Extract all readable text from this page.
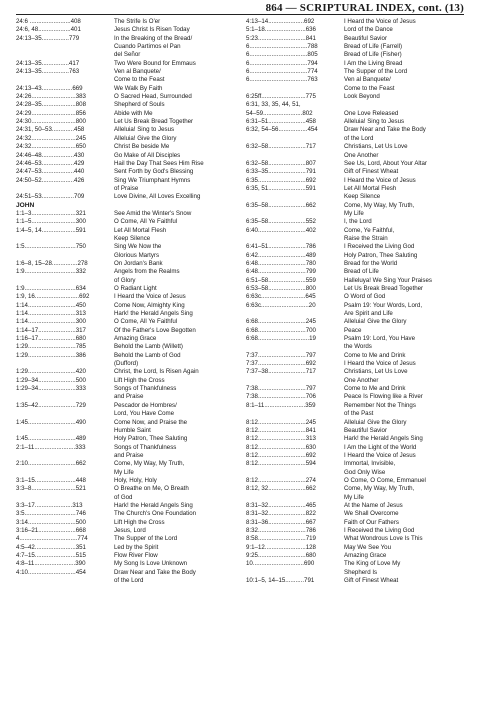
864 — SCRIPTURAL INDEX, cont. (13)
24:6 ........................408	The Strife Is O'er
24:6, 48...................401	Jesus Christ Is Risen Today
24:13–35................779	In the Breaking of the Bread/
Cuando Partimos el Pan
del Señor
24:13–35................417	Two Were Bound for Emmaus
24:13–35................763	Ven al Banquete/
Come to the Feast
24:13–43..................669	We Walk By Faith
24:26..........................383	O Sacred Head, Surrounded
24:28–35....................808	Shepherd of Souls
24:29..........................856	Abide with Me
24:30..........................800	Let Us Break Bread Together
24:31, 50–53.............458	Alleluia! Sing to Jesus
24:32..........................245	Alleluia! Give the Glory
24:32..........................650	Christ Be beside Me
24:46–48...................430	Go Make of All Disciples
24:46–53...................429	Hail the Day That Sees Him Rise
24:47–53...................440	Sent Forth by God's Blessing
24:50–52...................426	Sing We Triumphant Hymns
of Praise
24:51–53...................709	Love Divine, All Loves Excelling
JOHN
1:1–3..........................321	See Amid the Winter's Snow
1:1–5..........................300	O Come, All Ye Faithful
1:4–5, 14....................591	Let All Mortal Flesh
Keep Silence
1:5..............................750	Sing We Now the
Glorious Martyrs
1:6–8, 15–28...............278	On Jordan's Bank
1:9..............................332	Angels from the Realms
of Glory
1:9..............................634	O Radiant Light
1:9, 16..........................692	I Heard the Voice of Jesus
1:14............................450	Come Now, Almighty King
1:14............................313	Hark! the Herald Angels Sing
1:14............................300	O Come, All Ye Faithful
1:14–17......................317	Of the Father's Love Begotten
1:16–17......................680	Amazing Grace
1:29............................785	Behold the Lamb (Willett)
1:29............................386	Behold the Lamb of God
(Dufford)
1:29............................420	Christ, the Lord, Is Risen Again
1:29–34......................500	Lift High the Cross
1:29–34......................333	Songs of Thankfulness
and Praise
1:35–42......................729	Pescador de Hombres/
Lord, You Have Come
1:45............................490	Come Now, and Praise the
Humble Saint
1:45............................489	Holy Patron, Thee Saluting
2:1–11........................333	Songs of Thankfulness
and Praise
2:10............................662	Come, My Way, My Truth,
My Life
3:1–15........................448	Holy, Holy, Holy
3:3–8..........................521	O Breathe on Me, O Breath
of God
3:3–17......................313	Hark! the Herald Angels Sing
3:5..............................746	The Church's One Foundation
3:14............................500	Lift High the Cross
3:16–21......................668	Jesus, Lord
4..................................774	The Supper of the Lord
4:5–42........................351	Led by the Spirit
4:7–15........................515	Flow River Flow
4:8–11........................390	My Song Is Love Unknown
4:10............................454	Draw Near and Take the Body
of the Lord
4:13–14.....................692	I Heard the Voice of Jesus
5:1–18........................636	Lord of the Dance
5:23............................841	Beautiful Savior
6..................................788	Bread of Life (Farrell)
6..................................805	Bread of Life (Fisher)
6..................................794	I Am the Living Bread
6..................................774	The Supper of the Lord
6..................................763	Ven al Banquete/
Come to the Feast
6:25ff..........................775	Look Beyond
6:31, 33, 35, 44, 51,
54–59.......................802	One Love Released
6:31–51......................458	Alleluia! Sing to Jesus
6:32, 54–56.................454	Draw Near and Take the Body
of the Lord
6:32–58......................717	Christians, Let Us Love
One Another
6:32–58......................807	See Us, Lord, About Your Altar
6:33–35......................791	Gift of Finest Wheat
6:35............................692	I Heard the Voice of Jesus
6:35, 51......................591	Let All Mortal Flesh
Keep Silence
6:35–58......................662	Come, My Way, My Truth,
My Life
6:35–58......................552	I, the Lord
6:40............................402	Come, Ye Faithful,
Raise the Strain
6:41–51......................786	I Received the Living God
6:42............................489	Holy Patron, Thee Saluting
6:48............................780	Bread for the World
6:48............................799	Bread of Life
6:51–58......................559	Halleluya! We Sing Your Praises
6:53–58......................800	Let Us Break Bread Together
6:63c..........................645	O Word of God
6:63c............................20	Psalm 19: Your Words, Lord,
Are Spirit and Life
6:68............................245	Alleluia! Give the Glory
6:68............................700	Peace
6:68..............................19	Psalm 19: Lord, You Have
the Words
7:37............................797	Come to Me and Drink
7:37............................692	I Heard the Voice of Jesus
7:37–38......................717	Christians, Let Us Love
One Another
7:38............................797	Come to Me and Drink
7:38............................706	Peace Is Flowing like a River
8:1–11........................359	Remember Not the Things
of the Past
8:12............................245	Alleluia! Give the Glory
8:12............................841	Beautiful Savior
8:12............................313	Hark! the Herald Angels Sing
8:12............................630	I Am the Light of the World
8:12............................692	I Heard the Voice of Jesus
8:12............................594	Immortal, Invisible,
God Only Wise
8:12............................274	O Come, O Come, Emmanuel
8:12, 32......................662	Come, My Way, My Truth,
My Life
8:31–32......................465	At the Name of Jesus
8:31–32......................822	We Shall Overcome
8:31–36......................667	Faith of Our Fathers
8:32............................786	I Received the Living God
8:58............................719	What Wondrous Love Is This
9:1–12........................128	May We See You
9:25............................680	Amazing Grace
10..............................690	The King of Love My
Shepherd Is
10:1–5, 14–15...........791	Gift of Finest Wheat
